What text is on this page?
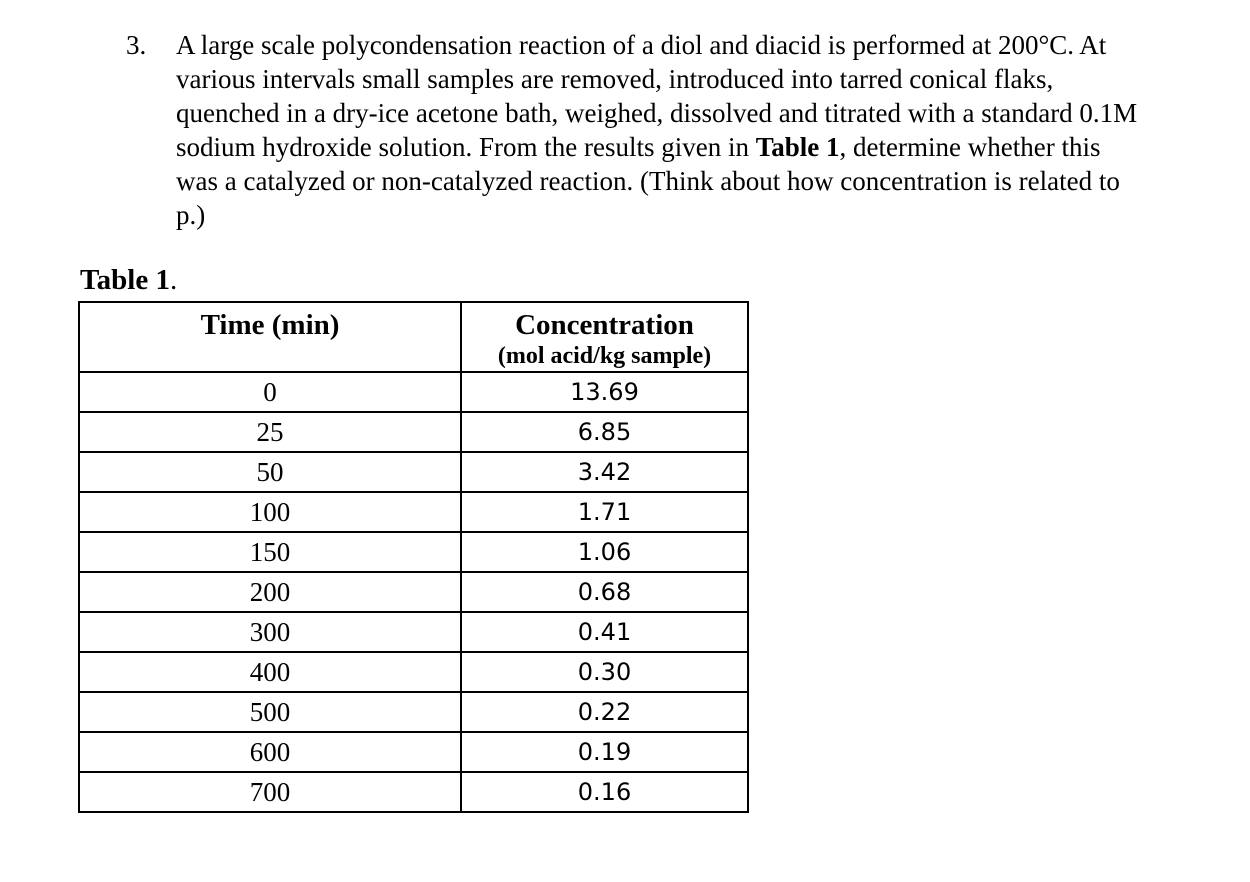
3. A large scale polycondensation reaction of a diol and diacid is performed at 200°C. At
various intervals small samples are removed, introduced into tarred conical flaks,
quenched in a dry-ice acetone bath, weighed, dissolved and titrated with a standard 0.1M
sodium hydroxide solution. From the results given in Table 1, determine whether this
was a catalyzed or non-catalyzed reaction. (Think about how concentration is related to
p.)
Table 1.
Time (min)	Concentration
(mol acid/kg sample)

0	13.69
25	6.85
50	3.42
100	1.71
150	1.06
200	0.68
300	0.41
400	0.30
500	0.22
600	0.19
700	0.16
